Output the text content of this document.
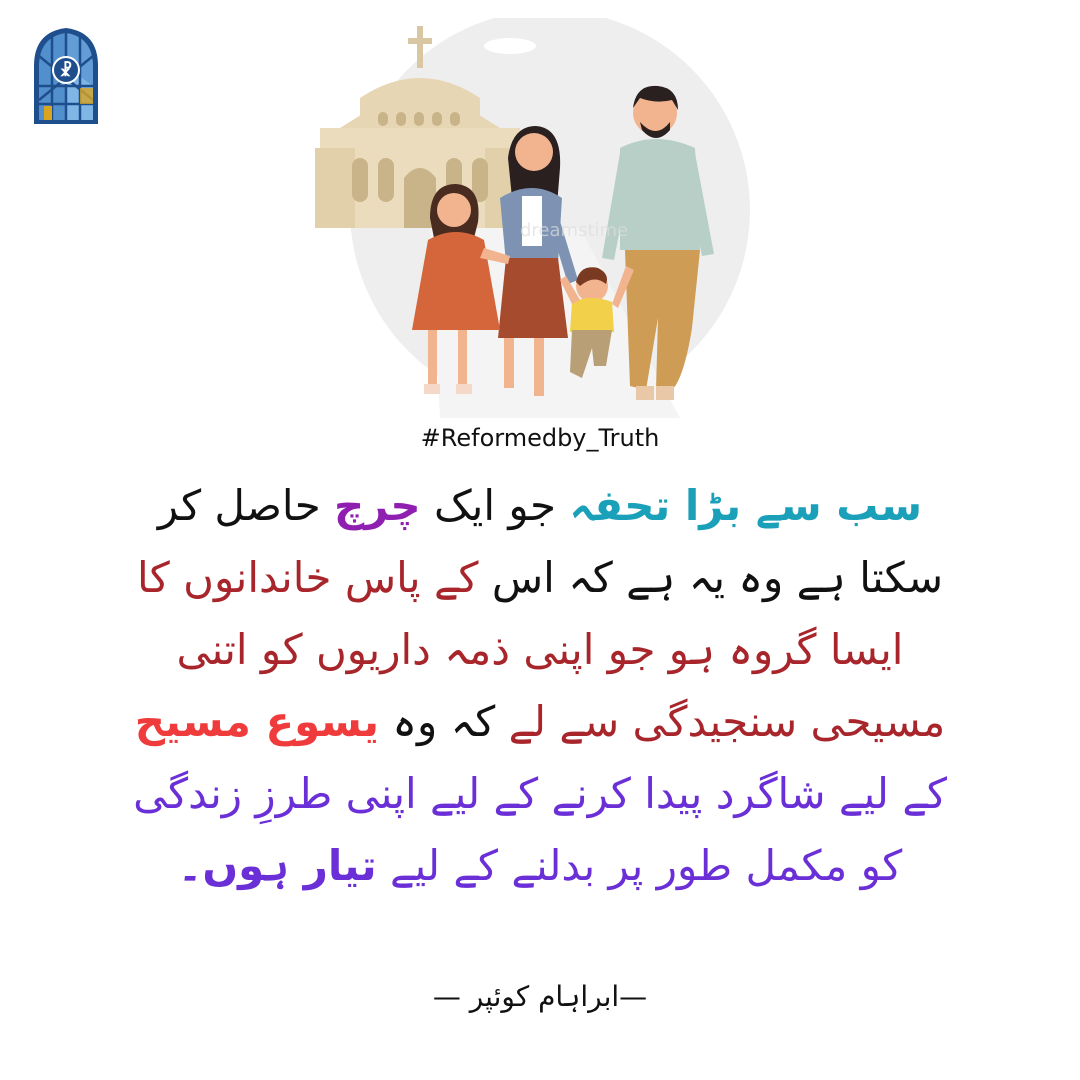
☧
dreamstime
#Reformedby_Truth
سب سے بڑا تحفہ جو ایک چرچ حاصل کر
سکتا ہے وہ یہ ہے کہ اس کے پاس خاندانوں کا
ایسا گروہ ہو جو اپنی ذمہ داریوں کو اتنی
مسیحی سنجیدگی سے لے کہ وہ یسوع مسیح
کے لیے شاگرد پیدا کرنے کے لیے اپنی طرزِ زندگی
کو مکمل طور پر بدلنے کے لیے تیار ہوں۔
—ابراہام کوئپر —
